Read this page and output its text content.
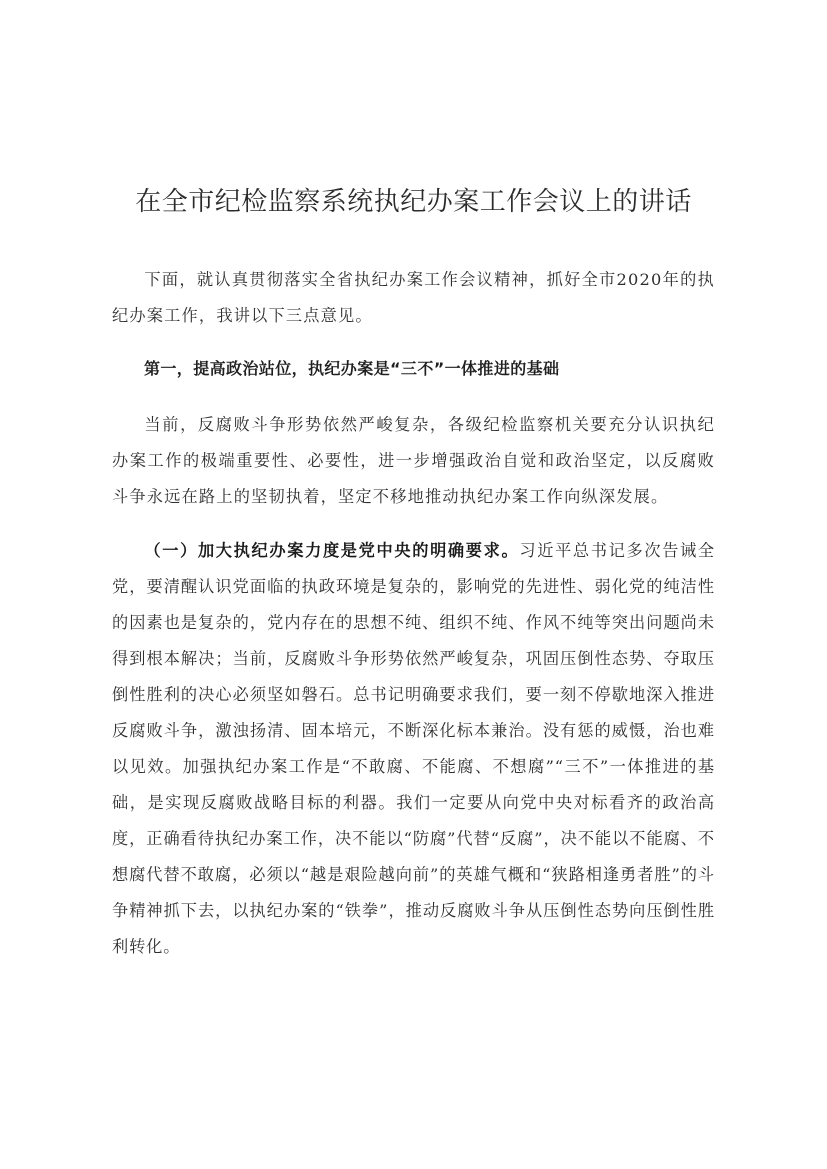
在全市纪检监察系统执纪办案工作会议上的讲话

下面，就认真贯彻落实全省执纪办案工作会议精神，抓好全市2020年的执纪办案工作，我讲以下三点意见。

第一，提高政治站位，执纪办案是“三不”一体推进的基础

当前，反腐败斗争形势依然严峻复杂，各级纪检监察机关要充分认识执纪办案工作的极端重要性、必要性，进一步增强政治自觉和政治坚定，以反腐败斗争永远在路上的坚韧执着，坚定不移地推动执纪办案工作向纵深发展。

（一）加大执纪办案力度是党中央的明确要求。习近平总书记多次告诫全党，要清醒认识党面临的执政环境是复杂的，影响党的先进性、弱化党的纯洁性的因素也是复杂的，党内存在的思想不纯、组织不纯、作风不纯等突出问题尚未得到根本解决；当前，反腐败斗争形势依然严峻复杂，巩固压倒性态势、夺取压倒性胜利的决心必须坚如磐石。总书记明确要求我们，要一刻不停歇地深入推进反腐败斗争，激浊扬清、固本培元，不断深化标本兼治。没有惩的威慑，治也难以见效。加强执纪办案工作是“不敢腐、不能腐、不想腐”“三不”一体推进的基础，是实现反腐败战略目标的利器。我们一定要从向党中央对标看齐的政治高度，正确看待执纪办案工作，决不能以“防腐”代替“反腐”，决不能以不能腐、不想腐代替不敢腐，必须以“越是艰险越向前”的英雄气概和“狭路相逢勇者胜”的斗争精神抓下去，以执纪办案的“铁拳”，推动反腐败斗争从压倒性态势向压倒性胜利转化。
